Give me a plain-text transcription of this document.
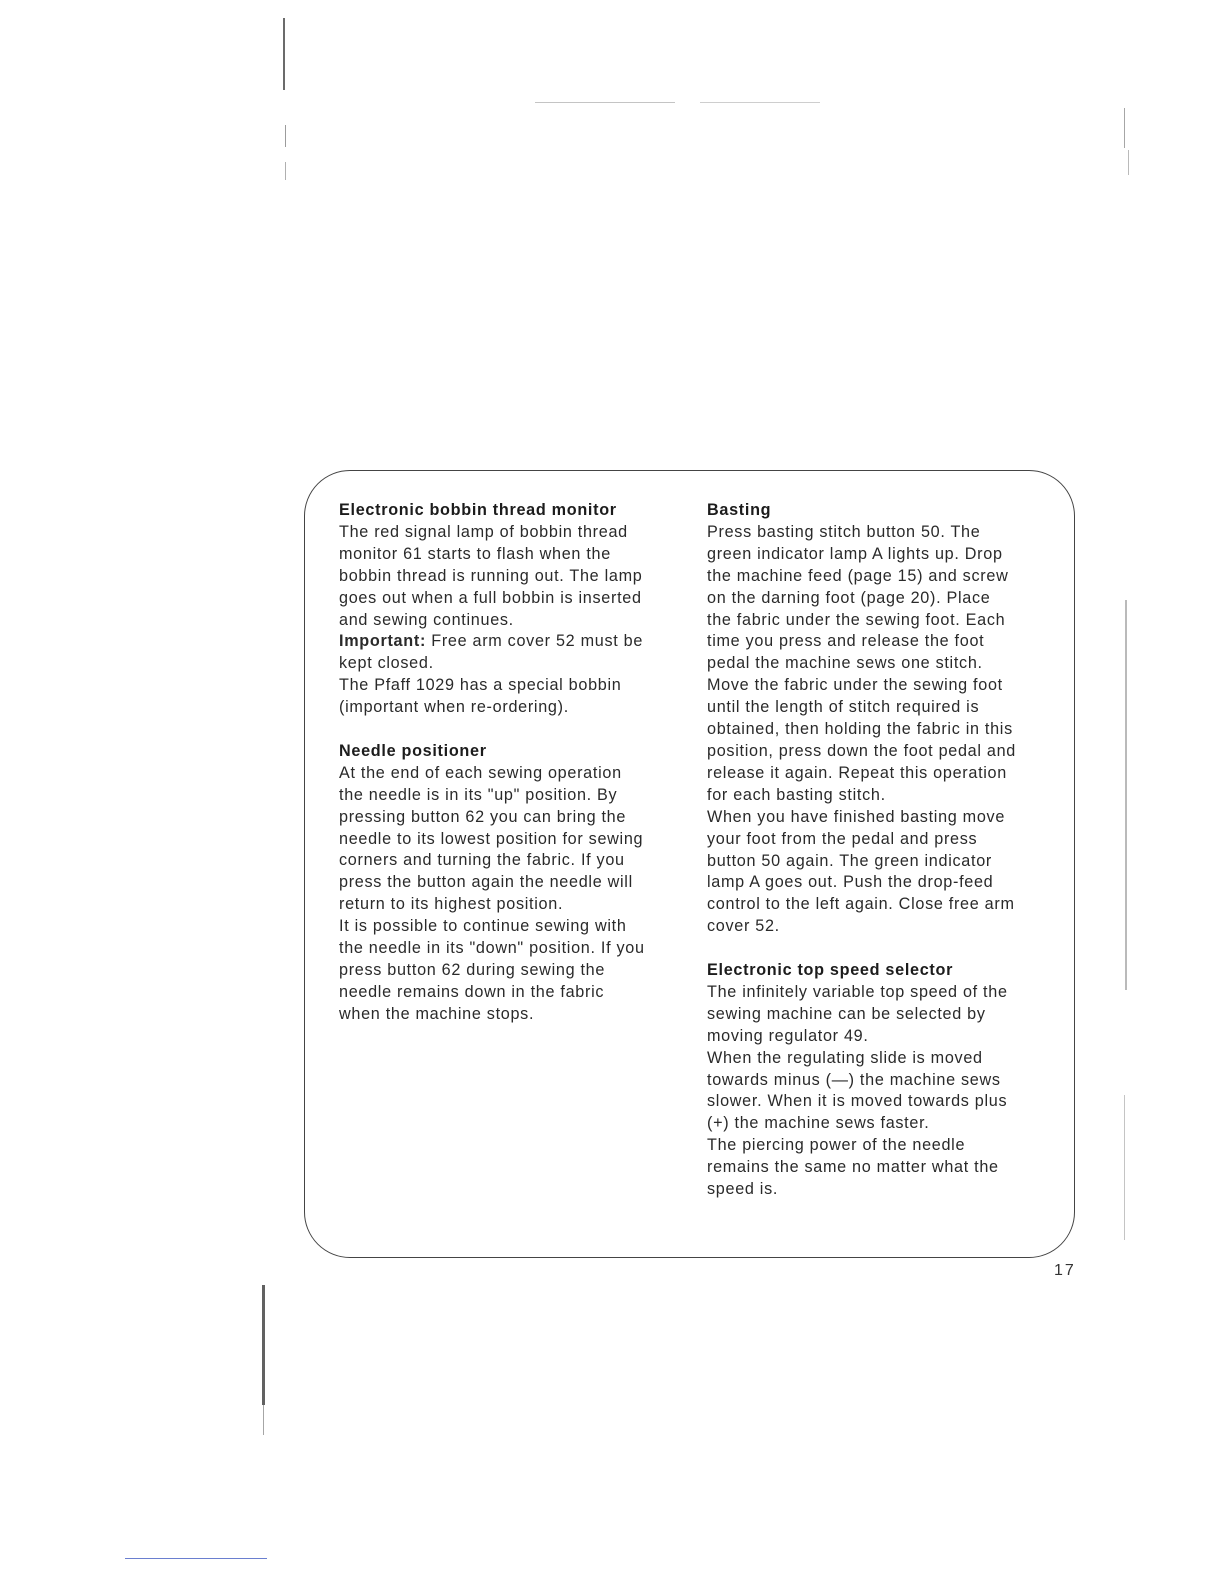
Electronic bobbin thread monitor
The red signal lamp of bobbin thread
monitor 61 starts to flash when the
bobbin thread is running out. The lamp
goes out when a full bobbin is inserted
and sewing continues.
Important: Free arm cover 52 must be
kept closed.
The Pfaff 1029 has a special bobbin
(important when re-ordering).
Needle positioner
At the end of each sewing operation
the needle is in its "up" position. By
pressing button 62 you can bring the
needle to its lowest position for sewing
corners and turning the fabric. If you
press the button again the needle will
return to its highest position.
It is possible to continue sewing with
the needle in its "down" position. If you
press button 62 during sewing the
needle remains down in the fabric
when the machine stops.
Basting
Press basting stitch button 50. The
green indicator lamp A lights up. Drop
the machine feed (page 15) and screw
on the darning foot (page 20). Place
the fabric under the sewing foot. Each
time you press and release the foot
pedal the machine sews one stitch.
Move the fabric under the sewing foot
until the length of stitch required is
obtained, then holding the fabric in this
position, press down the foot pedal and
release it again. Repeat this operation
for each basting stitch.
When you have finished basting move
your foot from the pedal and press
button 50 again. The green indicator
lamp A goes out. Push the drop-feed
control to the left again. Close free arm
cover 52.
Electronic top speed selector
The infinitely variable top speed of the
sewing machine can be selected by
moving regulator 49.
When the regulating slide is moved
towards minus (—) the machine sews
slower. When it is moved towards plus
(+) the machine sews faster.
The piercing power of the needle
remains the same no matter what the
speed is.
17
